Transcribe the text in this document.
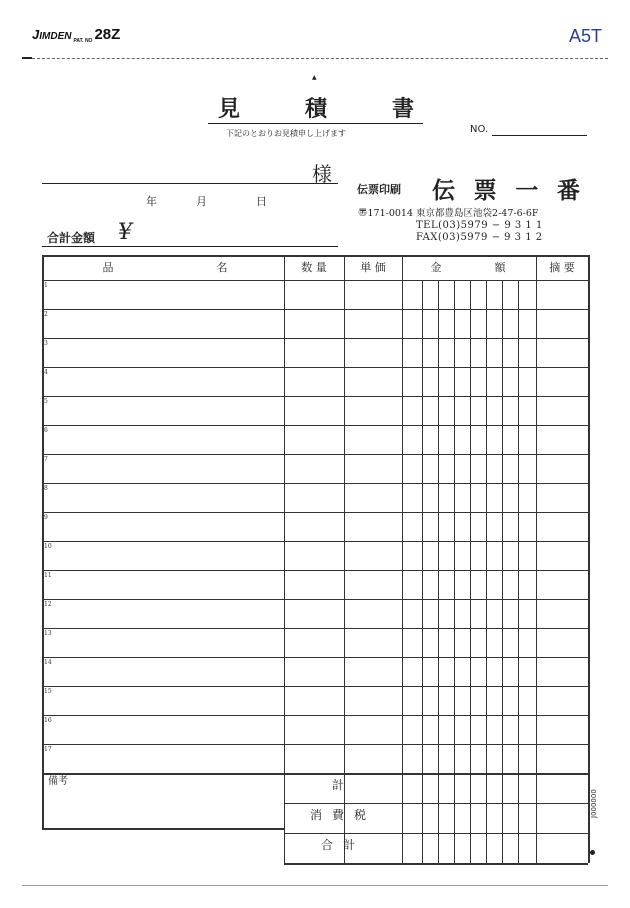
JIMDEN $_{PAT. NO}$ 28Z	A5T
▲
見	積	書
下記のとおりお見積申し上げます	NO.
様
年	月	日
合計金額 ¥
伝票印刷 伝 票 一 番
〠171-0014 東京都豊島区池袋2-47-6-6F
TEL(03)5979 − 9 3 1 1
FAX(03)5979 − 9 3 1 2
品	名	数 量	単 価	金	額	摘 要
1
2
3
4
5
6
7
8
9
10
11
12
13
14
15
16
17
備考	計
消費税
合計
J000000
